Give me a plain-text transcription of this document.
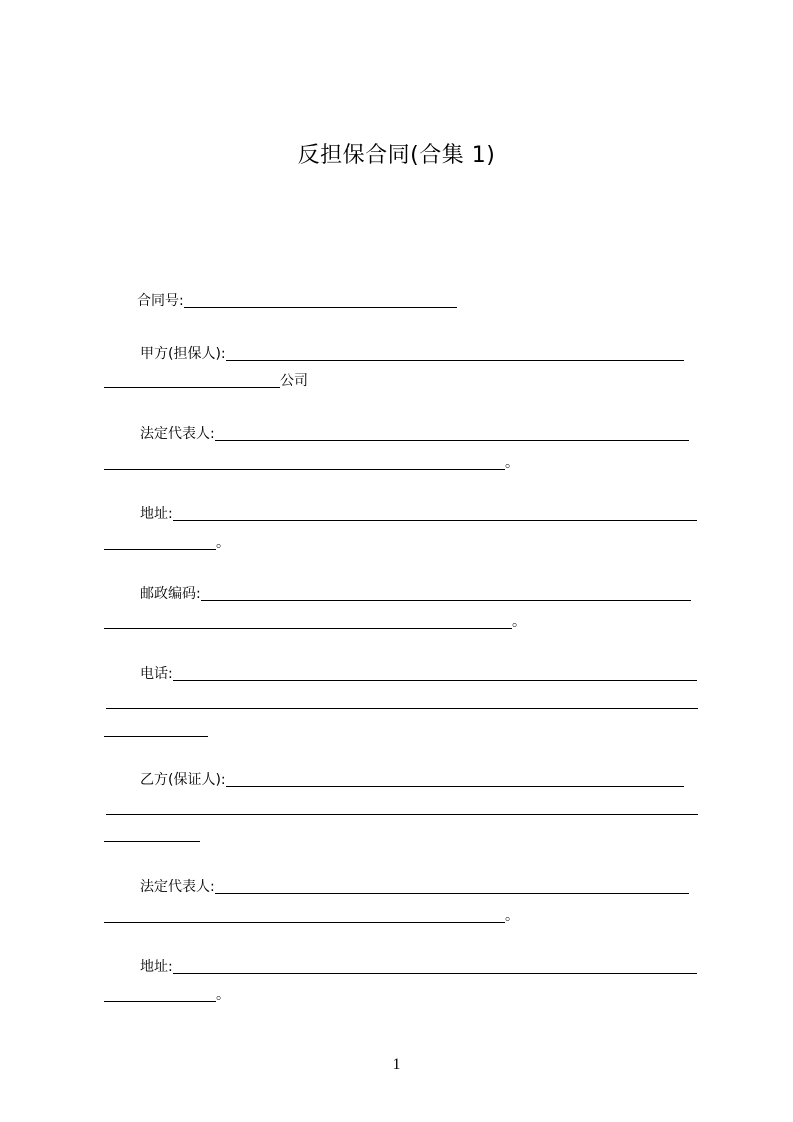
反担保合同(合集 1)
合同号:
甲方(担保人):
公司
法定代表人:
。
地址:
。
邮政编码:
。
电话:
乙方(保证人):
法定代表人:
。
地址:
。
1
